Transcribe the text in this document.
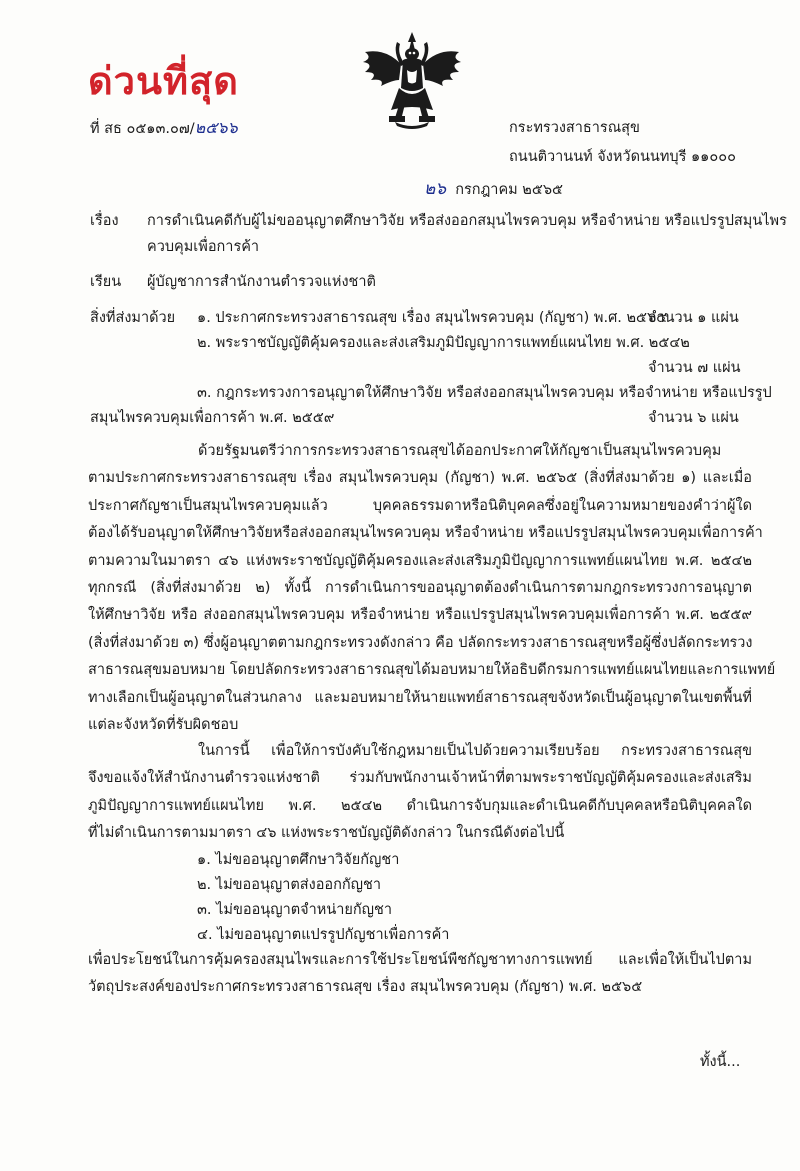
ด่วนที่สุด
ที่ สธ ๐๕๑๓.๐๗/๒๕๖๖	กระทรวงสาธารณสุข
ถนนติวานนท์ จังหวัดนนทบุรี ๑๑๐๐๐
๒๖ กรกฎาคม ๒๕๖๕
เรื่อง การดำเนินคดีกับผู้ไม่ขออนุญาตศึกษาวิจัย หรือส่งออกสมุนไพรควบคุม หรือจำหน่าย หรือแปรรูปสมุนไพร
ควบคุมเพื่อการค้า
เรียน ผู้บัญชาการสำนักงานตำรวจแห่งชาติ
สิ่งที่ส่งมาด้วย ๑. ประกาศกระทรวงสาธารณสุข เรื่อง สมุนไพรควบคุม (กัญชา) พ.ศ. ๒๕๖๕
จำนวน ๑ แผ่น
๒. พระราชบัญญัติคุ้มครองและส่งเสริมภูมิปัญญาการแพทย์แผนไทย พ.ศ. ๒๕๔๒
จำนวน ๗ แผ่น
๓. กฎกระทรวงการอนุญาตให้ศึกษาวิจัย หรือส่งออกสมุนไพรควบคุม หรือจำหน่าย หรือแปรรูป
สมุนไพรควบคุมเพื่อการค้า พ.ศ. ๒๕๕๙	จำนวน ๖ แผ่น
ด้วยรัฐมนตรีว่าการกระทรวงสาธารณสุขได้ออกประกาศให้กัญชาเป็นสมุนไพรควบคุม
ตามประกาศกระทรวงสาธารณสุข เรื่อง สมุนไพรควบคุม (กัญชา) พ.ศ. ๒๕๖๕ (สิ่งที่ส่งมาด้วย ๑) และเมื่อ
ประกาศกัญชาเป็นสมุนไพรควบคุมแล้ว บุคคลธรรมดาหรือนิติบุคคลซึ่งอยู่ในความหมายของคำว่าผู้ใด
ต้องได้รับอนุญาตให้ศึกษาวิจัยหรือส่งออกสมุนไพรควบคุม หรือจำหน่าย หรือแปรรูปสมุนไพรควบคุมเพื่อการค้า
ตามความในมาตรา ๔๖ แห่งพระราชบัญญัติคุ้มครองและส่งเสริมภูมิปัญญาการแพทย์แผนไทย พ.ศ. ๒๕๔๒
ทุกกรณี (สิ่งที่ส่งมาด้วย ๒) ทั้งนี้ การดำเนินการขออนุญาตต้องดำเนินการตามกฎกระทรวงการอนุญาต
ให้ศึกษาวิจัย หรือ ส่งออกสมุนไพรควบคุม หรือจำหน่าย หรือแปรรูปสมุนไพรควบคุมเพื่อการค้า พ.ศ. ๒๕๕๙
(สิ่งที่ส่งมาด้วย ๓) ซึ่งผู้อนุญาตตามกฎกระทรวงดังกล่าว คือ ปลัดกระทรวงสาธารณสุขหรือผู้ซึ่งปลัดกระทรวง
สาธารณสุขมอบหมาย โดยปลัดกระทรวงสาธารณสุขได้มอบหมายให้อธิบดีกรมการแพทย์แผนไทยและการแพทย์
ทางเลือกเป็นผู้อนุญาตในส่วนกลาง และมอบหมายให้นายแพทย์สาธารณสุขจังหวัดเป็นผู้อนุญาตในเขตพื้นที่
แต่ละจังหวัดที่รับผิดชอบ
ในการนี้ เพื่อให้การบังคับใช้กฎหมายเป็นไปด้วยความเรียบร้อย กระทรวงสาธารณสุข
จึงขอแจ้งให้สำนักงานตำรวจแห่งชาติ ร่วมกับพนักงานเจ้าหน้าที่ตามพระราชบัญญัติคุ้มครองและส่งเสริม
ภูมิปัญญาการแพทย์แผนไทย พ.ศ. ๒๕๔๒ ดำเนินการจับกุมและดำเนินคดีกับบุคคลหรือนิติบุคคลใด
ที่ไม่ดำเนินการตามมาตรา ๔๖ แห่งพระราชบัญญัติดังกล่าว ในกรณีดังต่อไปนี้
๑. ไม่ขออนุญาตศึกษาวิจัยกัญชา
๒. ไม่ขออนุญาตส่งออกกัญชา
๓. ไม่ขออนุญาตจำหน่ายกัญชา
๔. ไม่ขออนุญาตแปรรูปกัญชาเพื่อการค้า
เพื่อประโยชน์ในการคุ้มครองสมุนไพรและการใช้ประโยชน์พืชกัญชาทางการแพทย์ และเพื่อให้เป็นไปตาม
วัตถุประสงค์ของประกาศกระทรวงสาธารณสุข เรื่อง สมุนไพรควบคุม (กัญชา) พ.ศ. ๒๕๖๕
ทั้งนี้...
